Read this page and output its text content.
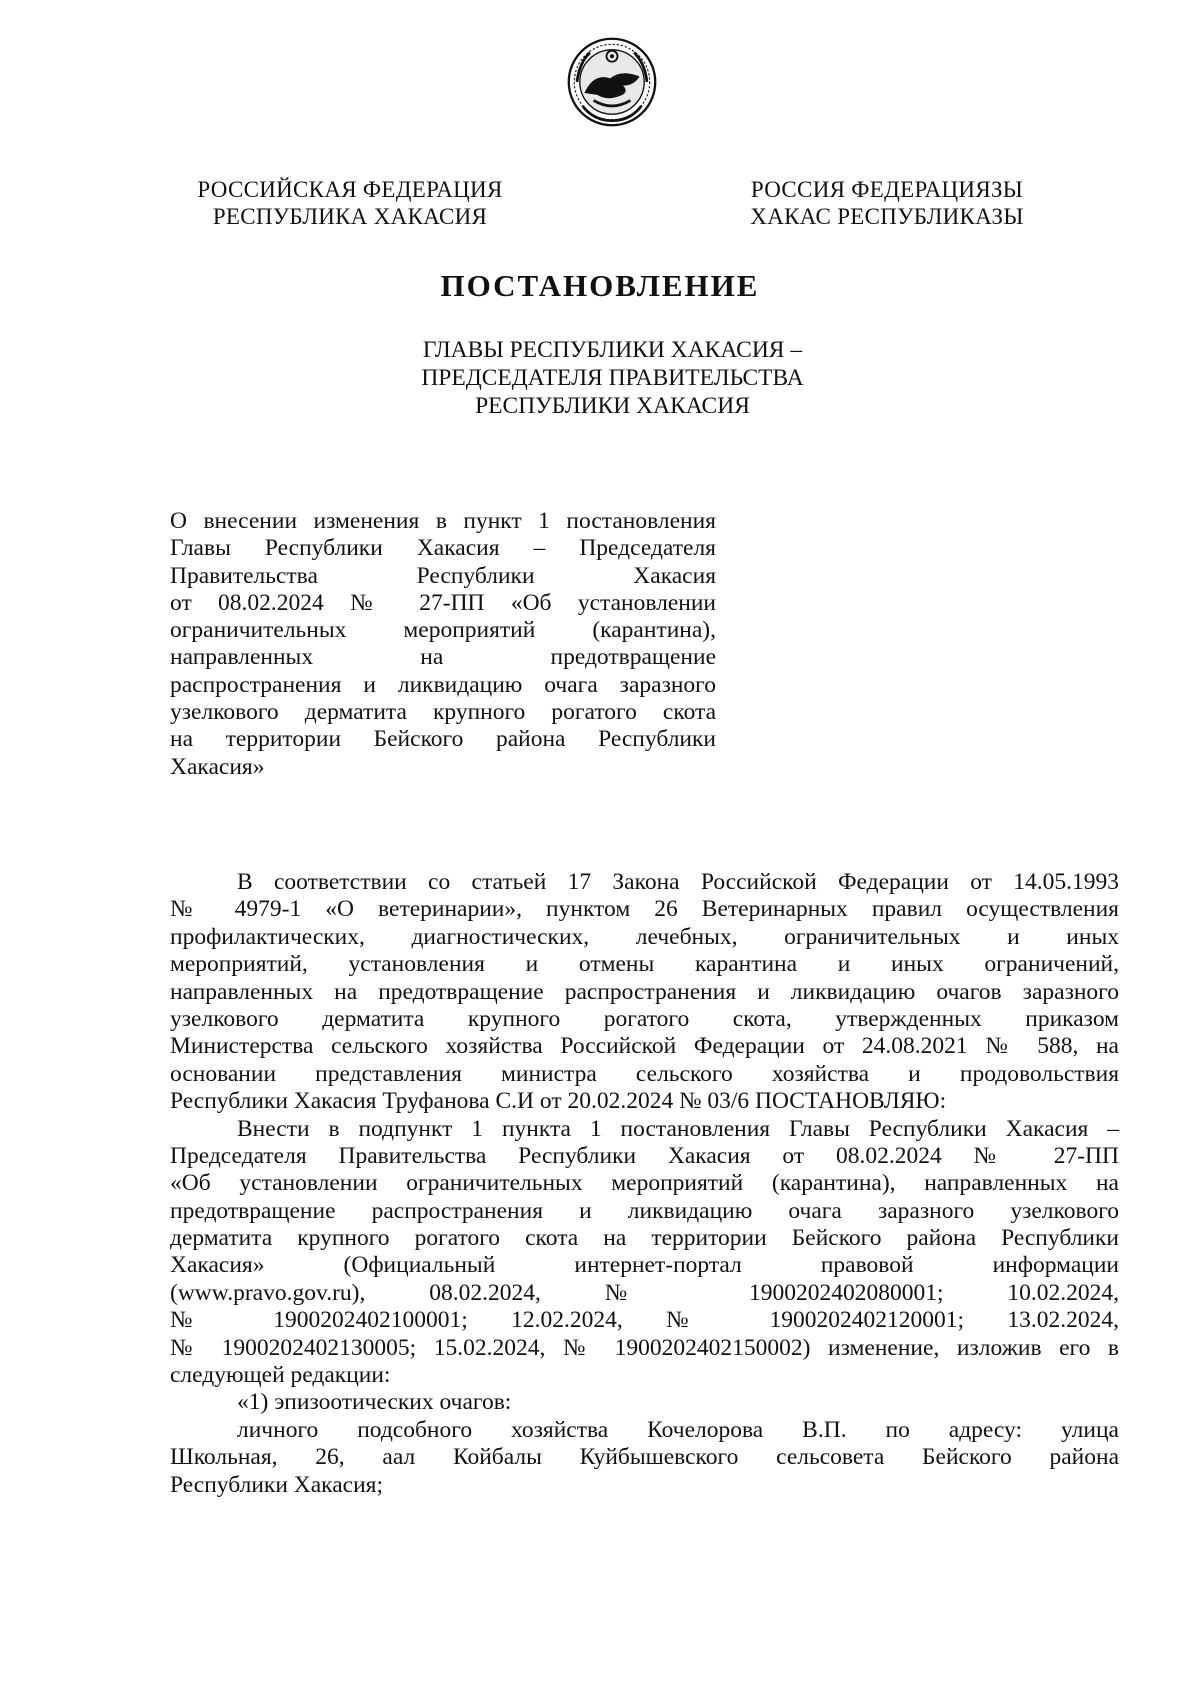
РОССИЙСКАЯ ФЕДЕРАЦИЯ
РЕСПУБЛИКА ХАКАСИЯ
РОССИЯ ФЕДЕРАЦИЯЗЫ
ХАКАС РЕСПУБЛИКАЗЫ
ПОСТАНОВЛЕНИЕ
ГЛАВЫ РЕСПУБЛИКИ ХАКАСИЯ –
ПРЕДСЕДАТЕЛЯ ПРАВИТЕЛЬСТВА
РЕСПУБЛИКИ ХАКАСИЯ
О внесении изменения в пункт 1 постановления
Главы Республики Хакасия – Председателя
Правительства Республики Хакасия
от 08.02.2024 № 27-ПП «Об установлении
ограничительных мероприятий (карантина),
направленных на предотвращение
распространения и ликвидацию очага заразного
узелкового дерматита крупного рогатого скота
на территории Бейского района Республики
Хакасия»
В соответствии со статьей 17 Закона Российской Федерации от 14.05.1993
№ 4979-1 «О ветеринарии», пунктом 26 Ветеринарных правил осуществления
профилактических, диагностических, лечебных, ограничительных и иных
мероприятий, установления и отмены карантина и иных ограничений,
направленных на предотвращение распространения и ликвидацию очагов заразного
узелкового дерматита крупного рогатого скота, утвержденных приказом
Министерства сельского хозяйства Российской Федерации от 24.08.2021 № 588, на
основании представления министра сельского хозяйства и продовольствия
Республики Хакасия Труфанова С.И от 20.02.2024 № 03/6 ПОСТАНОВЛЯЮ:
Внести в подпункт 1 пункта 1 постановления Главы Республики Хакасия –
Председателя Правительства Республики Хакасия от 08.02.2024 № 27-ПП
«Об установлении ограничительных мероприятий (карантина), направленных на
предотвращение распространения и ликвидацию очага заразного узелкового
дерматита крупного рогатого скота на территории Бейского района Республики
Хакасия» (Официальный интернет-портал правовой информации
(www.pravo.gov.ru), 08.02.2024, № 1900202402080001; 10.02.2024,
№ 1900202402100001; 12.02.2024, № 1900202402120001; 13.02.2024,
№ 1900202402130005; 15.02.2024, № 1900202402150002) изменение, изложив его в
следующей редакции:
«1) эпизоотических очагов:
личного подсобного хозяйства Кочелорова В.П. по адресу: улица
Школьная, 26, аал Койбалы Куйбышевского сельсовета Бейского района
Республики Хакасия;
